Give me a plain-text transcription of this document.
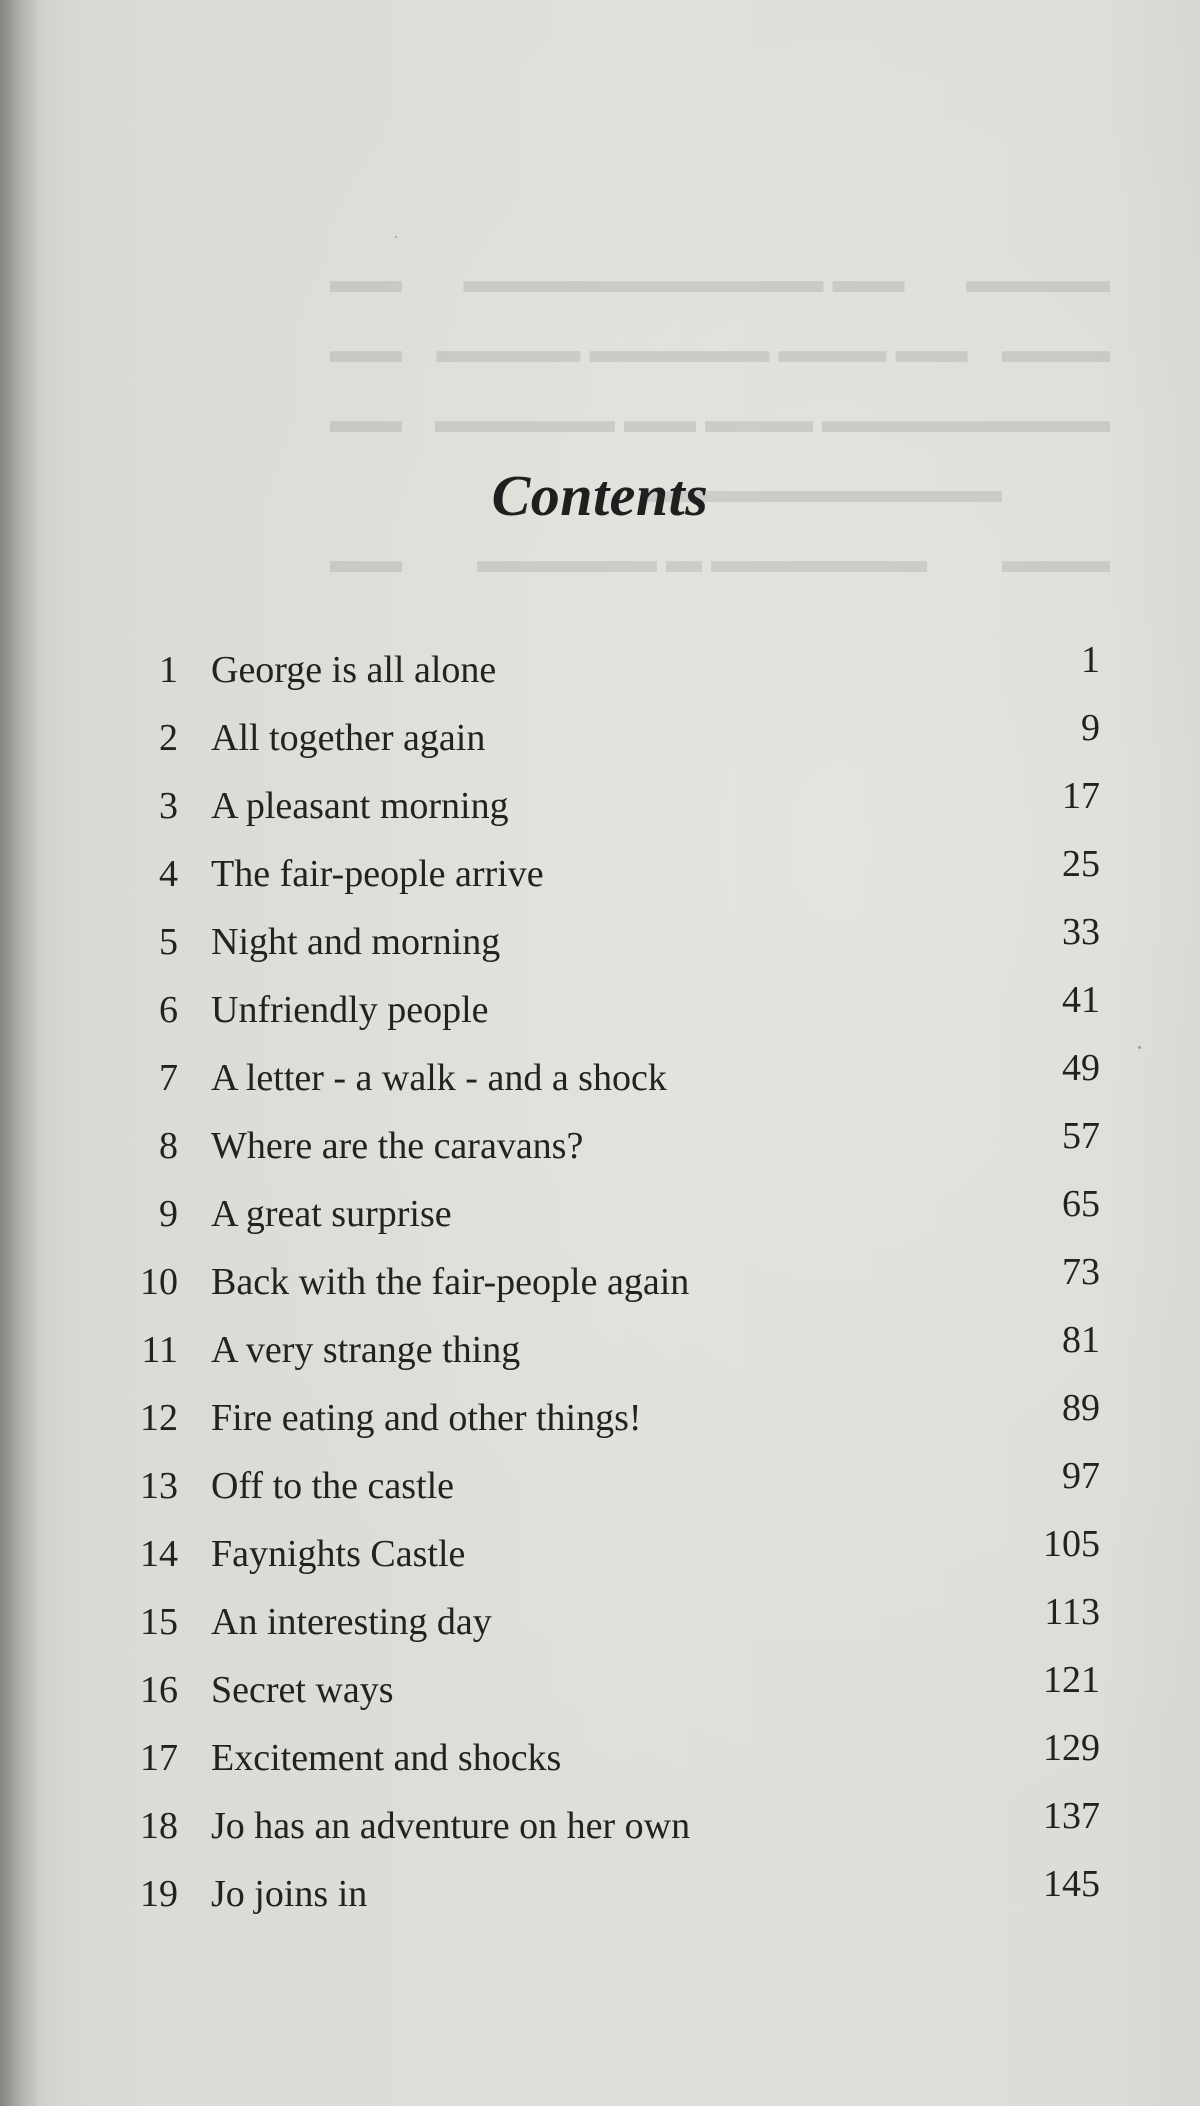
▬▬▬▬
▬▬ ▬▬▬▬▬▬▬▬▬▬
▬▬
▬▬▬
▬▬ ▬▬▬ ▬▬▬▬▬ ▬▬▬▬
▬▬
▬▬▬
▬▬▬▬▬ ▬▬▬ ▬▬ ▬▬▬▬▬ ▬▬▬▬▬▬▬▬▬▬
▬▬
▬▬▬
▬▬▬▬▬▬ ▬ ▬▬▬▬▬
▬▬
Contents
1 George is all alone	1
2 All together again	9
3 A pleasant morning	17
4 The fair-people arrive	25
5 Night and morning	33
6 Unfriendly people	41
7 A letter - a walk - and a shock	49
8 Where are the caravans?	57
9 A great surprise	65
10 Back with the fair-people again	73
11 A very strange thing	81
12 Fire eating and other things!	89
13 Off to the castle	97
14 Faynights Castle	105
15 An interesting day	113
16 Secret ways	121
17 Excitement and shocks	129
18 Jo has an adventure on her own	137
19 Jo joins in	145
